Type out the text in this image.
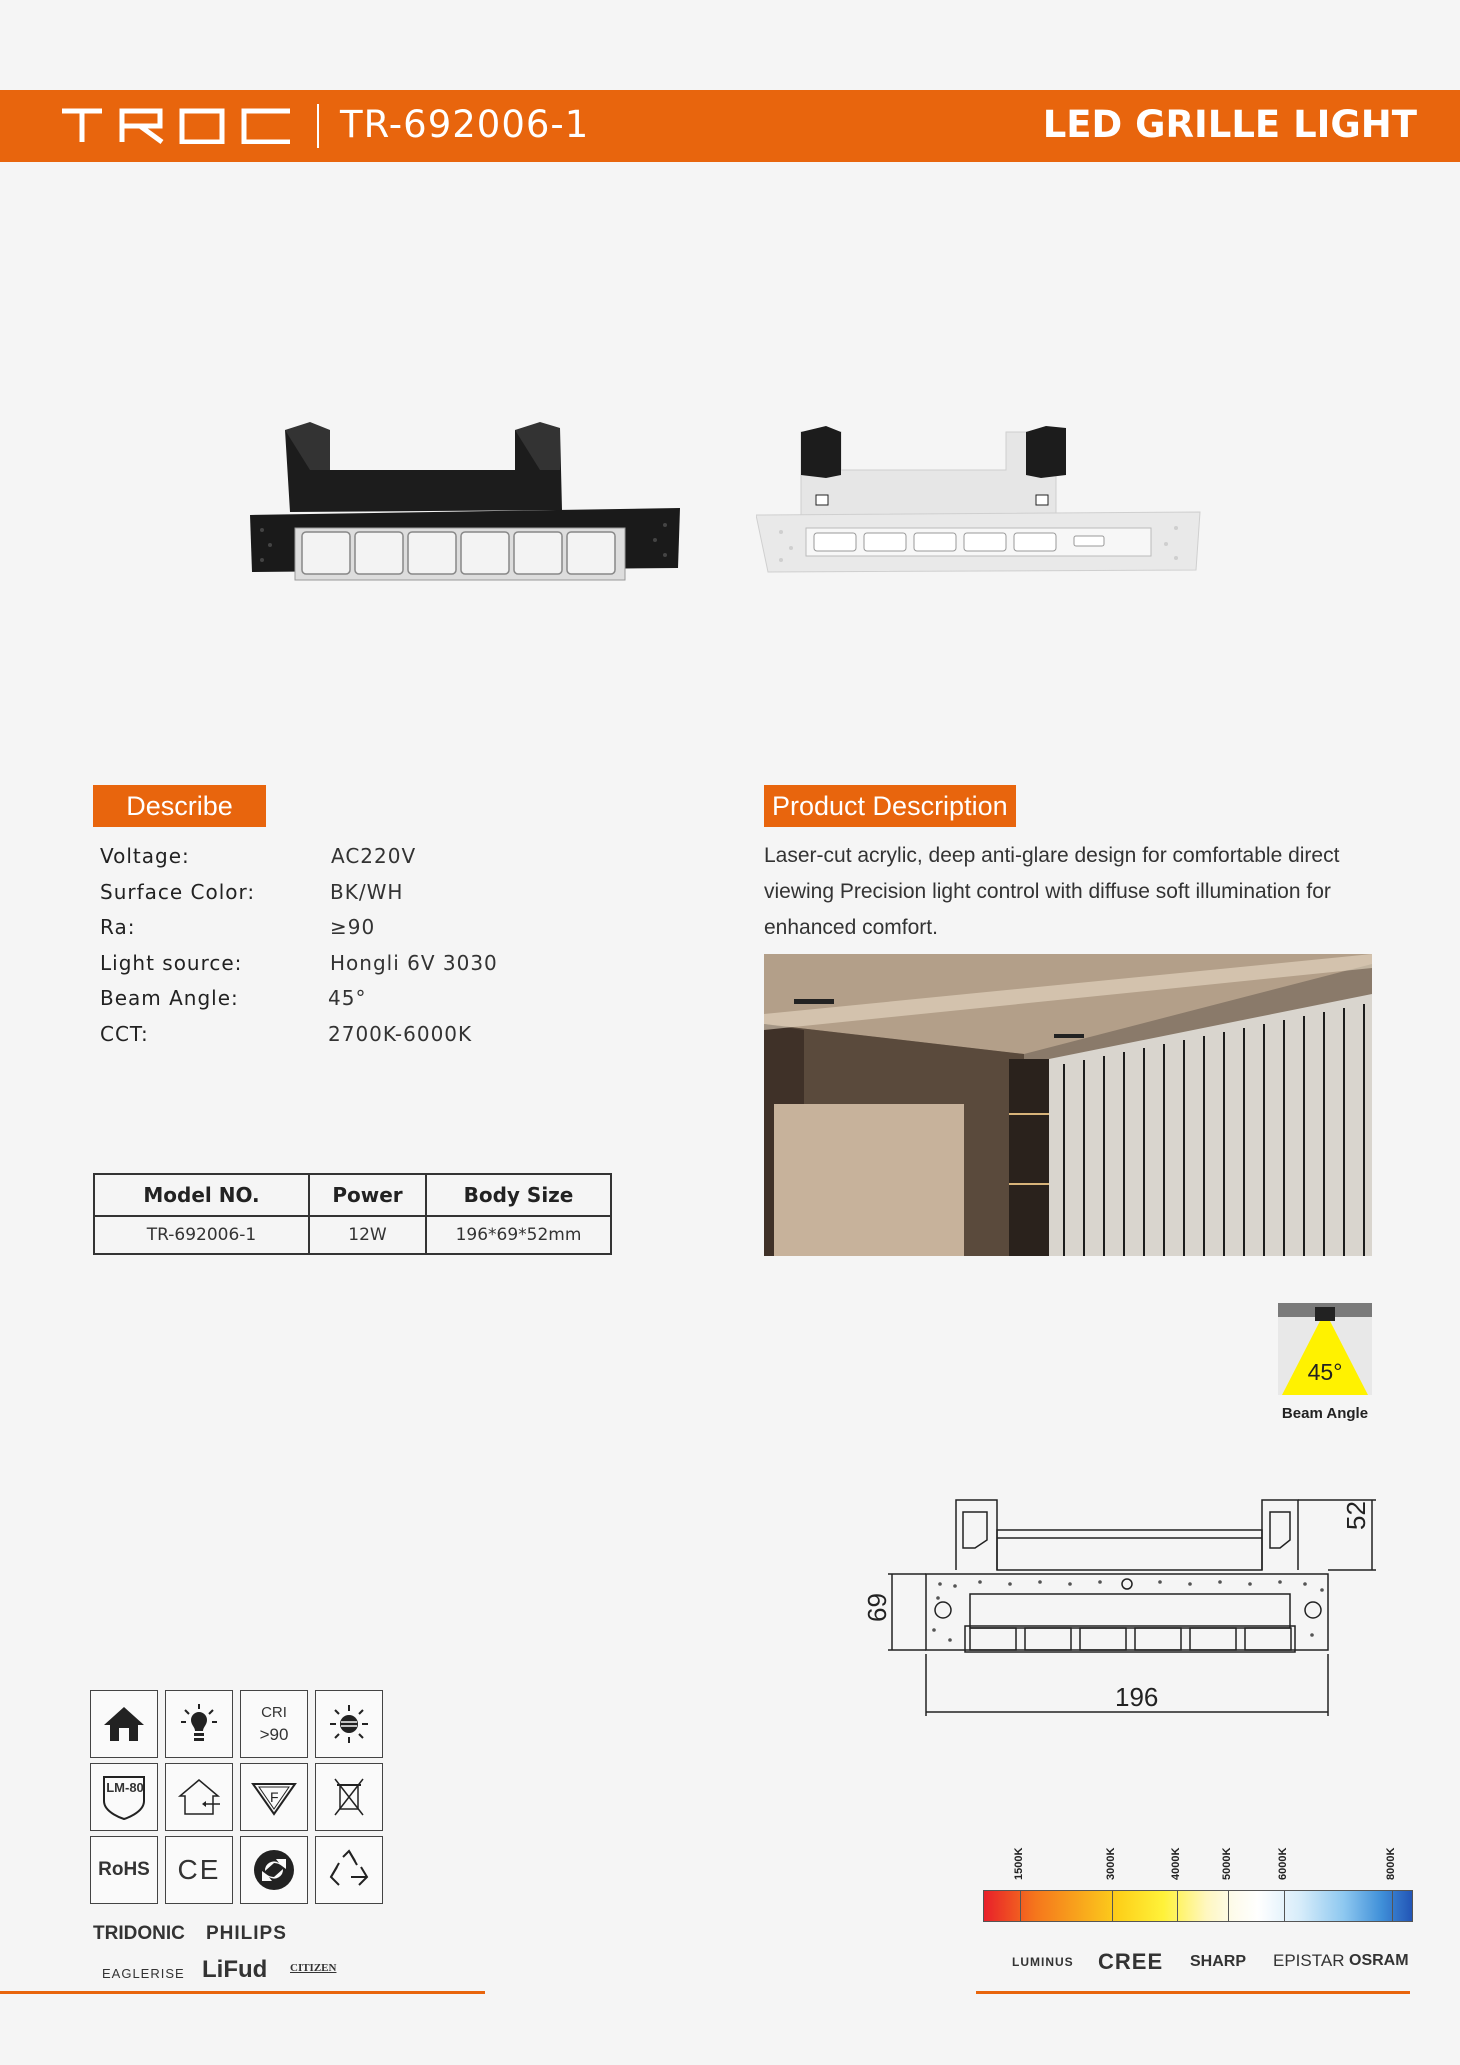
TR-692006-1	LED GRILLE LIGHT
Describe
Voltage:	AC220V
Surface Color:	BK/WH
Ra:	≥90
Light source:	Hongli 6V 3030
Beam Angle:	45°
CCT:	2700K-6000K
Model NO.	Power	Body Size
TR-692006-1	12W	196*69*52mm
Product Description
Laser-cut acrylic, deep anti-glare design for comfortable direct viewing Precision light control with diffuse soft illumination for enhanced comfort.
45°
Beam Angle
52
69
196
CRI
>90
LM-80
F
RoHS CE
TRIDONIC PHILIPS
EAGLERISE LiFud CITIZEN
1500K	3000K	4000K	5000K	6000K	8000K
LUMINUS CREE SHARP EPISTAR OSRAM
